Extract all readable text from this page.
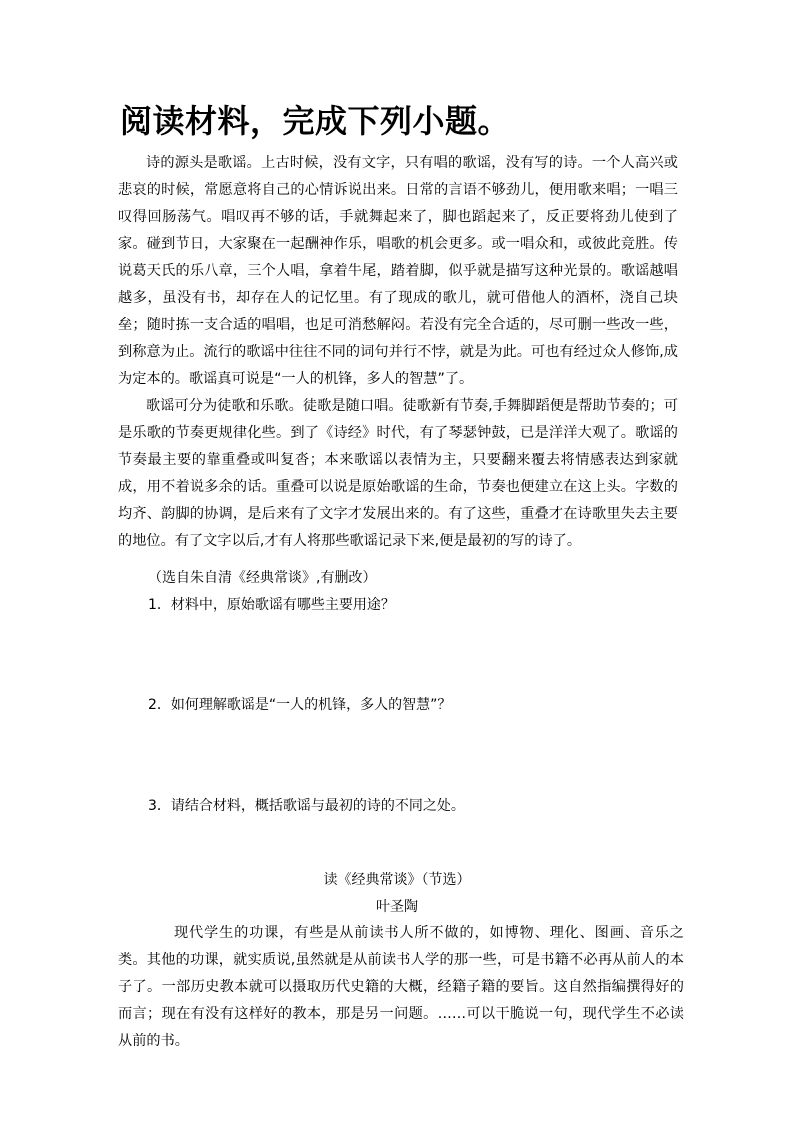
阅读材料，完成下列小题。

诗的源头是歌谣。上古时候，没有文字，只有唱的歌谣，没有写的诗。一个人高兴或悲哀的时候，常愿意将自己的心情诉说出来。日常的言语不够劲儿，便用歌来唱；一唱三叹得回肠荡气。唱叹再不够的话，手就舞起来了，脚也蹈起来了，反正要将劲儿使到了家。碰到节日，大家聚在一起酬神作乐，唱歌的机会更多。或一唱众和，或彼此竞胜。传说葛天氏的乐八章，三个人唱，拿着牛尾，踏着脚，似乎就是描写这种光景的。歌谣越唱越多，虽没有书，却存在人的记忆里。有了现成的歌儿，就可借他人的酒杯，浇自己块垒；随时拣一支合适的唱唱，也足可消愁解闷。若没有完全合适的，尽可删一些改一些，到称意为止。流行的歌谣中往往不同的词句并行不悖，就是为此。可也有经过众人修饰,成为定本的。歌谣真可说是“一人的机锋，多人的智慧”了。

歌谣可分为徒歌和乐歌。徒歌是随口唱。徒歌新有节奏,手舞脚蹈便是帮助节奏的；可是乐歌的节奏更规律化些。到了《诗经》时代，有了琴瑟钟鼓，已是洋洋大观了。歌谣的节奏最主要的靠重叠或叫复沓；本来歌谣以表情为主，只要翻来覆去将情感表达到家就成，用不着说多余的话。重叠可以说是原始歌谣的生命，节奏也便建立在这上头。字数的均齐、韵脚的协调，是后来有了文字才发展出来的。有了这些，重叠才在诗歌里失去主要的地位。有了文字以后,才有人将那些歌谣记录下来,便是最初的写的诗了。

（选自朱自清《经典常谈》,有删改）
1．材料中，原始歌谣有哪些主要用途？
2．如何理解歌谣是“一人的机锋，多人的智慧”？
3．请结合材料，概括歌谣与最初的诗的不同之处。
读《经典常谈》（节选）
叶圣陶

现代学生的功课，有些是从前读书人所不做的，如博物、理化、图画、音乐之类。其他的功课，就实质说,虽然就是从前读书人学的那一些，可是书籍不必再从前人的本子了。一部历史教本就可以摄取历代史籍的大概，经籍子籍的要旨。这自然指编撰得好的而言；现在有没有这样好的教本，那是另一问题。……可以干脆说一句，现代学生不必读从前的书。
